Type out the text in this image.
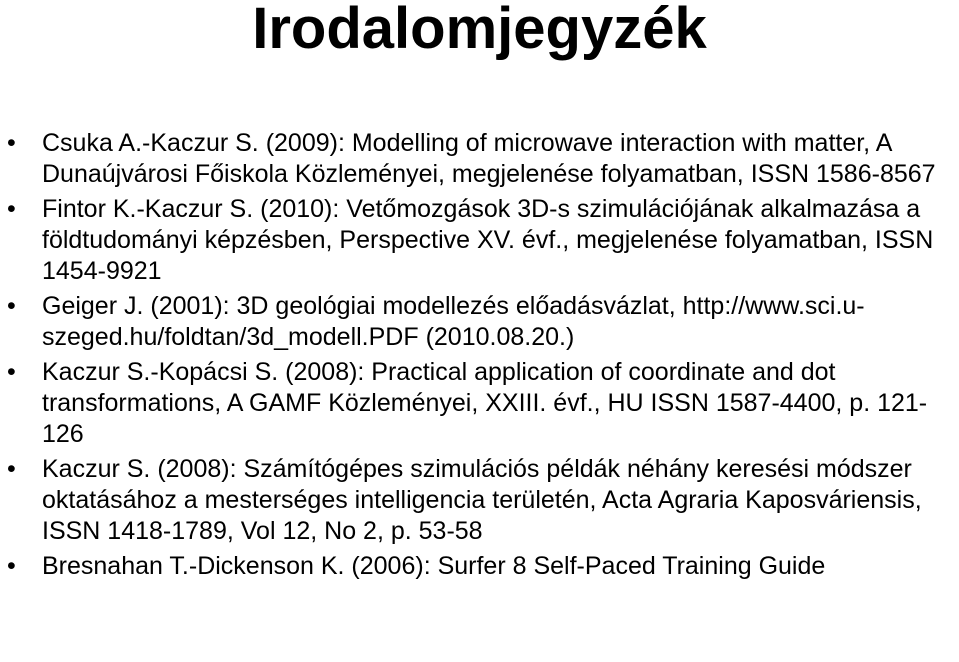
Irodalomjegyzék
• Csuka A.-Kaczur S. (2009): Modelling of microwave interaction with matter, A Dunaújvárosi Főiskola Közleményei, megjelenése folyamatban, ISSN 1586-8567
• Fintor K.-Kaczur S. (2010): Vetőmozgások 3D-s szimulációjának alkalmazása a földtudományi képzésben, Perspective XV. évf., megjelenése folyamatban, ISSN 1454-9921
• Geiger J. (2001): 3D geológiai modellezés előadásvázlat, http://www.sci.u-szeged.hu/foldtan/3d_modell.PDF (2010.08.20.)
• Kaczur S.-Kopácsi S. (2008): Practical application of coordinate and dot transformations, A GAMF Közleményei, XXIII. évf., HU ISSN 1587-4400, p. 121-126
• Kaczur S. (2008): Számítógépes szimulációs példák néhány keresési módszer oktatásához a mesterséges intelligencia területén, Acta Agraria Kaposváriensis, ISSN 1418-1789, Vol 12, No 2, p. 53-58
• Bresnahan T.-Dickenson K. (2006): Surfer 8 Self-Paced Training Guide
